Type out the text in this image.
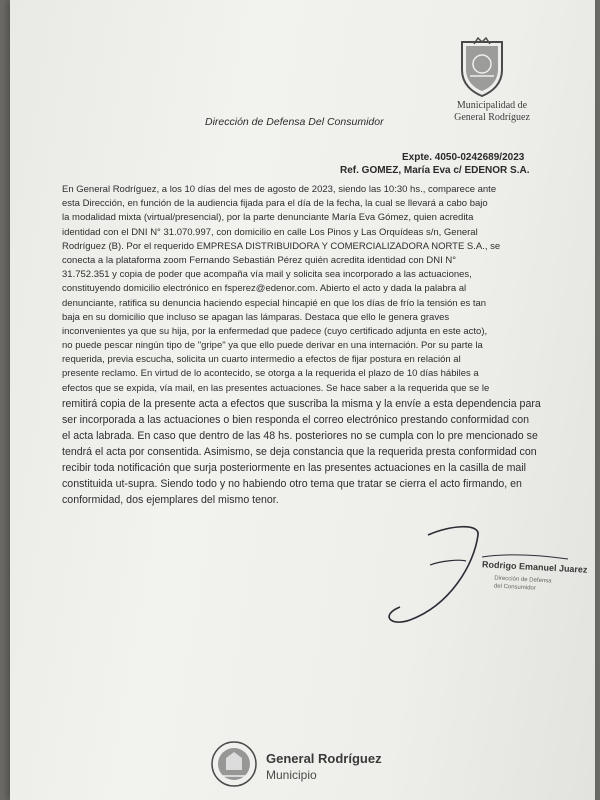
Municipalidad de
General Rodríguez
Dirección de Defensa Del Consumidor
Expte. 4050-0242689/2023
Ref. GOMEZ, María Eva c/ EDENOR S.A.
En General Rodríguez, a los 10 días del mes de agosto de 2023, siendo las 10:30 hs., comparece ante
esta Dirección, en función de la audiencia fijada para el día de la fecha, la cual se llevará a cabo bajo
la modalidad mixta (virtual/presencial), por la parte denunciante María Eva Gómez, quien acredita
identidad con el DNI N° 31.070.997, con domicilio en calle Los Pinos y Las Orquídeas s/n, General
Rodríguez (B). Por el requerido EMPRESA DISTRIBUIDORA Y COMERCIALIZADORA NORTE S.A., se
conecta a la plataforma zoom Fernando Sebastián Pérez quién acredita identidad con DNI N°
31.752.351 y copia de poder que acompaña vía mail y solicita sea incorporado a las actuaciones,
constituyendo domicilio electrónico en fsperez@edenor.com. Abierto el acto y dada la palabra al
denunciante, ratifica su denuncia haciendo especial hincapié en que los días de frío la tensión es tan
baja en su domicilio que incluso se apagan las lámparas. Destaca que ello le genera graves
inconvenientes ya que su hija, por la enfermedad que padece (cuyo certificado adjunta en este acto),
no puede pescar ningún tipo de "gripe" ya que ello puede derivar en una internación. Por su parte la
requerida, previa escucha, solicita un cuarto intermedio a efectos de fijar postura en relación al
presente reclamo. En virtud de lo acontecido, se otorga a la requerida el plazo de 10 días hábiles a
efectos que se expida, vía mail, en las presentes actuaciones. Se hace saber a la requerida que se le
remitirá copia de la presente acta a efectos que suscriba la misma y la envíe a esta dependencia para
ser incorporada a las actuaciones o bien responda el correo electrónico prestando conformidad con
el acta labrada. En caso que dentro de las 48 hs. posteriores no se cumpla con lo pre mencionado se
tendrá el acta por consentida. Asimismo, se deja constancia que la requerida presta conformidad con
recibir toda notificación que surja posteriormente en las presentes actuaciones en la casilla de mail
constituida ut-supra. Siendo todo y no habiendo otro tema que tratar se cierra el acto firmando, en
conformidad, dos ejemplares del mismo tenor.
Rodrigo Emanuel Juarez
Dirección de Defensa
del Consumidor
General Rodríguez
Municipio
